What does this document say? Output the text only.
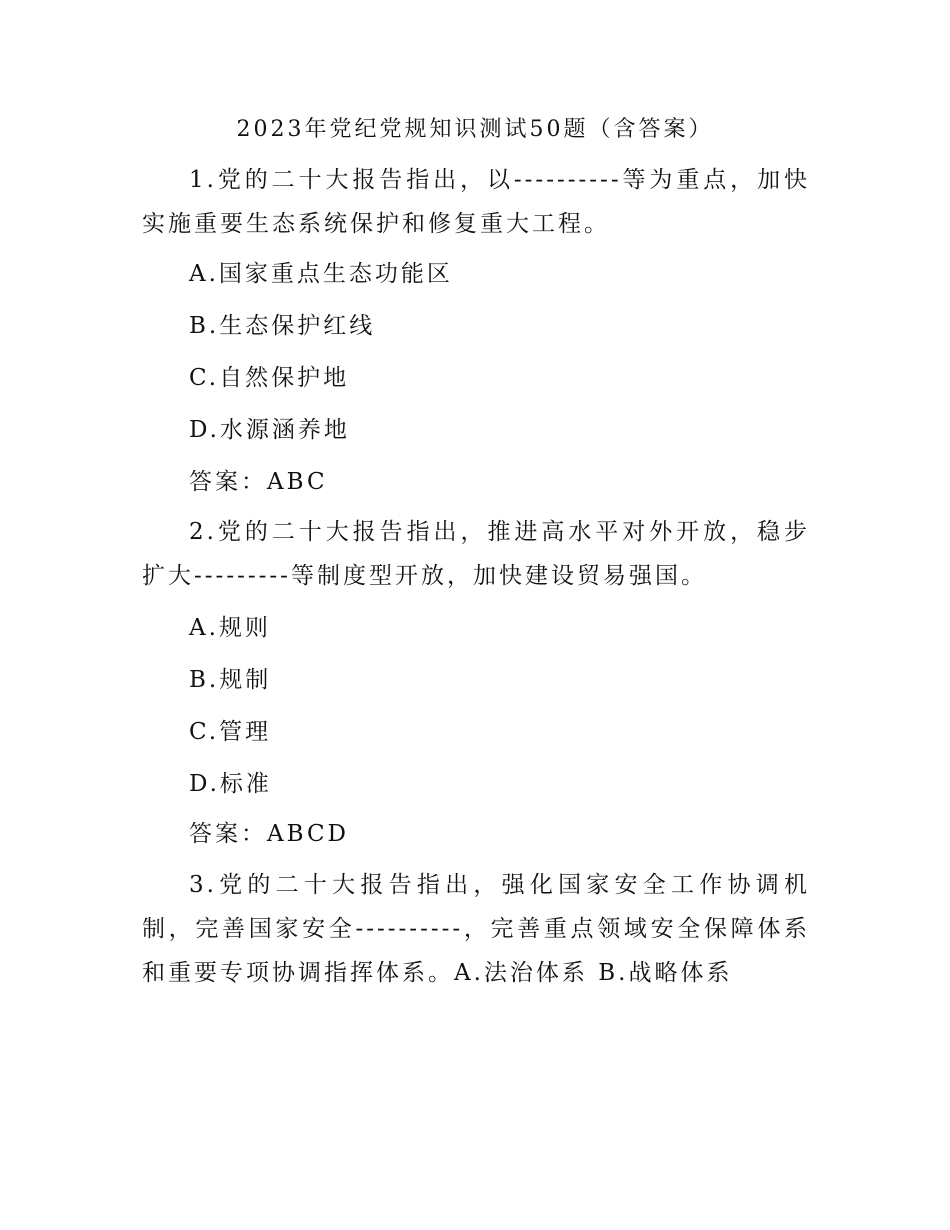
2023年党纪党规知识测试50题（含答案）
1.党的二十大报告指出，以----------等为重点，加快实施重要生态系统保护和修复重大工程。
A.国家重点生态功能区
B.生态保护红线
C.自然保护地
D.水源涵养地
答案：ABC
2.党的二十大报告指出，推进高水平对外开放，稳步扩大---------等制度型开放，加快建设贸易强国。
A.规则
B.规制
C.管理
D.标准
答案：ABCD
3.党的二十大报告指出，强化国家安全工作协调机制，完善国家安全----------，完善重点领域安全保障体系和重要专项协调指挥体系。A.法治体系 B.战略体系
